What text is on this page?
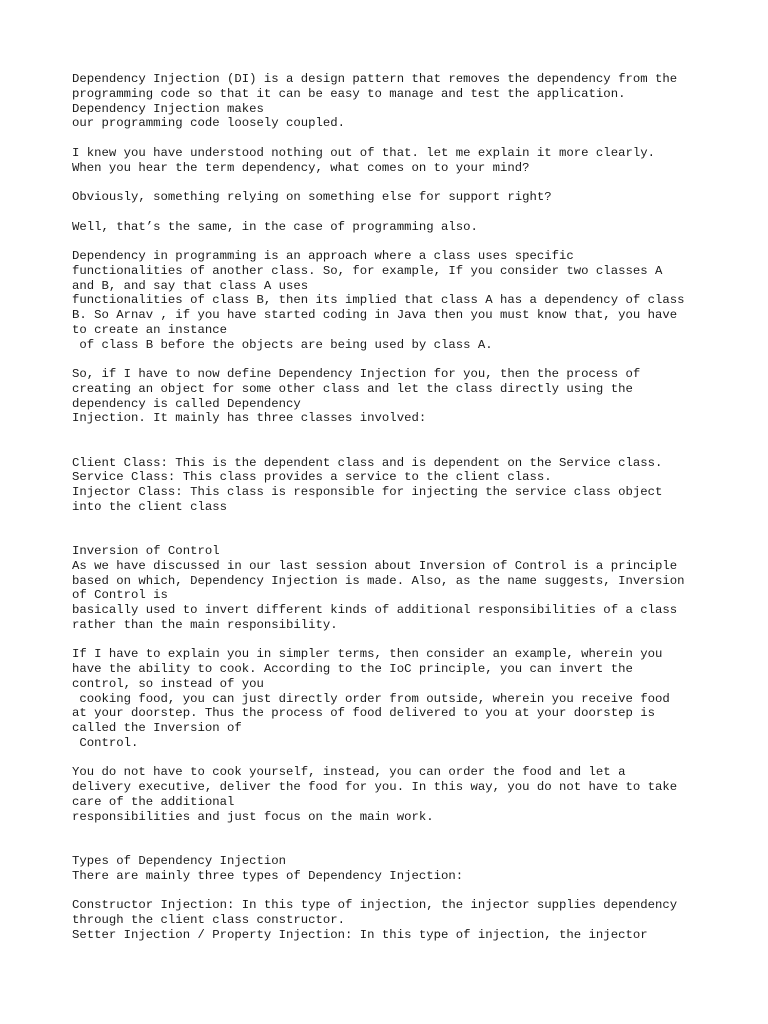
Dependency Injection (DI) is a design pattern that removes the dependency from the
programming code so that it can be easy to manage and test the application.
Dependency Injection makes
our programming code loosely coupled.
I knew you have understood nothing out of that. let me explain it more clearly.
When you hear the term dependency, what comes on to your mind?
Obviously, something relying on something else for support right?
Well, that’s the same, in the case of programming also.
Dependency in programming is an approach where a class uses specific
functionalities of another class. So, for example, If you consider two classes A
and B, and say that class A uses
functionalities of class B, then its implied that class A has a dependency of class
B. So Arnav , if you have started coding in Java then you must know that, you have
to create an instance
of class B before the objects are being used by class A.
So, if I have to now define Dependency Injection for you, then the process of
creating an object for some other class and let the class directly using the
dependency is called Dependency
Injection. It mainly has three classes involved:
Client Class: This is the dependent class and is dependent on the Service class.
Service Class: This class provides a service to the client class.
Injector Class: This class is responsible for injecting the service class object
into the client class
Inversion of Control
As we have discussed in our last session about Inversion of Control is a principle
based on which, Dependency Injection is made. Also, as the name suggests, Inversion
of Control is
basically used to invert different kinds of additional responsibilities of a class
rather than the main responsibility.
If I have to explain you in simpler terms, then consider an example, wherein you
have the ability to cook. According to the IoC principle, you can invert the
control, so instead of you
cooking food, you can just directly order from outside, wherein you receive food
at your doorstep. Thus the process of food delivered to you at your doorstep is
called the Inversion of
Control.
You do not have to cook yourself, instead, you can order the food and let a
delivery executive, deliver the food for you. In this way, you do not have to take
care of the additional
responsibilities and just focus on the main work.
Types of Dependency Injection
There are mainly three types of Dependency Injection:
Constructor Injection: In this type of injection, the injector supplies dependency
through the client class constructor.
Setter Injection / Property Injection: In this type of injection, the injector
